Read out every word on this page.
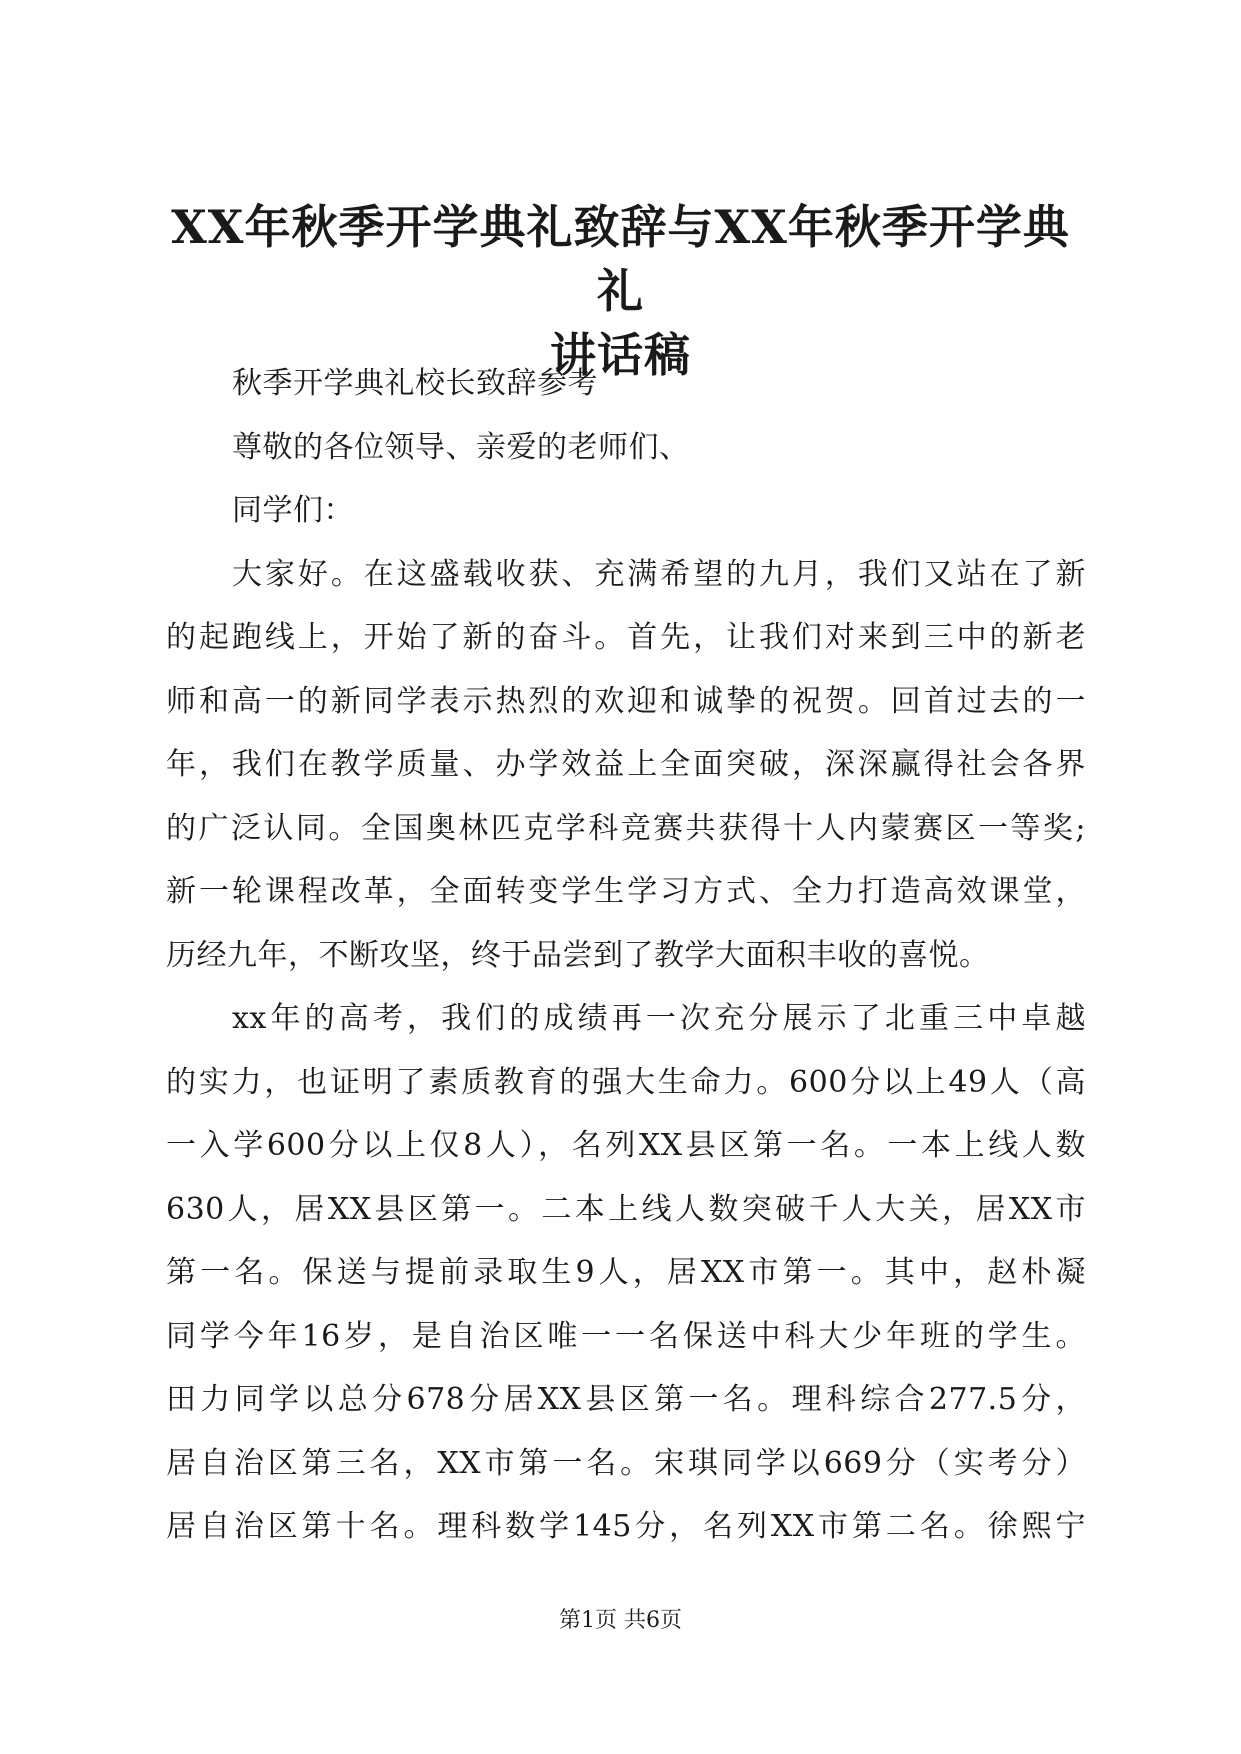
XX年秋季开学典礼致辞与XX年秋季开学典礼
讲话稿
秋季开学典礼校长致辞参考
尊敬的各位领导、亲爱的老师们、
同学们：
大家好。在这盛载收获、充满希望的九月，我们又站在了新
的起跑线上，开始了新的奋斗。首先，让我们对来到三中的新老
师和高一的新同学表示热烈的欢迎和诚挚的祝贺。回首过去的一
年，我们在教学质量、办学效益上全面突破，深深赢得社会各界
的广泛认同。全国奥林匹克学科竞赛共获得十人内蒙赛区一等奖;
新一轮课程改革，全面转变学生学习方式、全力打造高效课堂，
历经九年，不断攻坚，终于品尝到了教学大面积丰收的喜悦。
xx年的高考，我们的成绩再一次充分展示了北重三中卓越
的实力，也证明了素质教育的强大生命力。600分以上49人（高
一入学600分以上仅8人），名列XX县区第一名。一本上线人数
630人，居XX县区第一。二本上线人数突破千人大关，居XX市
第一名。保送与提前录取生9人，居XX市第一。其中，赵朴凝
同学今年16岁，是自治区唯一一名保送中科大少年班的学生。
田力同学以总分678分居XX县区第一名。理科综合277.5分，
居自治区第三名，XX市第一名。宋琪同学以669分（实考分）
居自治区第十名。理科数学145分，名列XX市第二名。徐熙宁
第1页 共6页
